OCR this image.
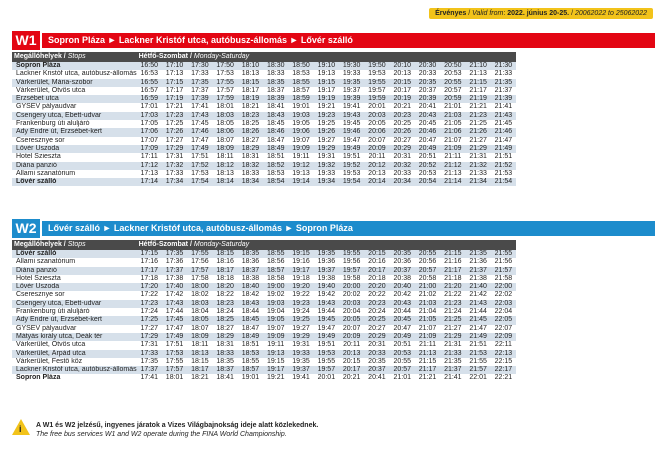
Érvényes / Valid from: 2022. június 20-25. / 20062022 to 25062022
W1	Sopron Pláza ► Lackner Kristóf utca, autóbusz-állomás ► Lővér szálló
Megállóhelyek / Stops	Hétfő-Szombat / Monday-Saturday														
Sopron Pláza	16:50	17:10	17:30	17:50	18:10	18:30	18:50	19:10	19:30	19:50	20:10	20:30	20:50	21:10	21:30
Lackner Kristóf utca, autóbusz-állomás	16:53	17:13	17:33	17:53	18:13	18:33	18:53	19:13	19:33	19:53	20:13	20:33	20:53	21:13	21:33
Várkerület, Mária-szobor	16:55	17:15	17:35	17:55	18:15	18:35	18:55	19:15	19:35	19:55	20:15	20:35	20:55	21:15	21:35
Várkerület, Ötvös utca	16:57	17:17	17:37	17:57	18:17	18:37	18:57	19:17	19:37	19:57	20:17	20:37	20:57	21:17	21:37
Erzsébet utca	16:59	17:19	17:39	17:59	18:19	18:39	18:59	19:19	19:39	19:59	20:19	20:39	20:59	21:19	21:39
GYSEV pályaudvar	17:01	17:21	17:41	18:01	18:21	18:41	19:01	19:21	19:41	20:01	20:21	20:41	21:01	21:21	21:41
Csengery utca, Ebett-udvar	17:03	17:23	17:43	18:03	18:23	18:43	19:03	19:23	19:43	20:03	20:23	20:43	21:03	21:23	21:43
Frankenburg úti aluljáró	17:05	17:25	17:45	18:05	18:25	18:45	19:05	19:25	19:45	20:05	20:25	20:45	21:05	21:25	21:45
Ady Endre út, Erzsébet-kert	17:06	17:26	17:46	18:06	18:26	18:46	19:06	19:26	19:46	20:06	20:26	20:46	21:06	21:26	21:46
Cseresznye sor	17:07	17:27	17:47	18:07	18:27	18:47	19:07	19:27	19:47	20:07	20:27	20:47	21:07	21:27	21:47
Lővér Uszoda	17:09	17:29	17:49	18:09	18:29	18:49	19:09	19:29	19:49	20:09	20:29	20:49	21:09	21:29	21:49
Hotel Sziesztа	17:11	17:31	17:51	18:11	18:31	18:51	19:11	19:31	19:51	20:11	20:31	20:51	21:11	21:31	21:51
Diána panzió	17:12	17:32	17:52	18:12	18:32	18:52	19:12	19:32	19:52	20:12	20:32	20:52	21:12	21:32	21:52
Állami szanatórium	17:13	17:33	17:53	18:13	18:33	18:53	19:13	19:33	19:53	20:13	20:33	20:53	21:13	21:33	21:53
Lővér szálló	17:14	17:34	17:54	18:14	18:34	18:54	19:14	19:34	19:54	20:14	20:34	20:54	21:14	21:34	21:54
W2	Lővér szálló ► Lackner Kristóf utca, autóbusz-állomás ► Sopron Pláza
Megállóhelyek / Stops	Hétfő-Szombat / Monday-Saturday														
Lővér szálló	17:15	17:35	17:55	18:15	18:35	18:55	19:15	19:35	19:55	20:15	20:35	20:55	21:15	21:35	21:55
Állami szanatórium	17:16	17:36	17:56	18:16	18:36	18:56	19:16	19:36	19:56	20:16	20:36	20:56	21:16	21:36	21:56
Diána panzió	17:17	17:37	17:57	18:17	18:37	18:57	19:17	19:37	19:57	20:17	20:37	20:57	21:17	21:37	21:57
Hotel Sziesztа	17:18	17:38	17:58	18:18	18:38	18:58	19:18	19:38	19:58	20:18	20:38	20:58	21:18	21:38	21:58
Lővér Uszoda	17:20	17:40	18:00	18:20	18:40	19:00	19:20	19:40	20:00	20:20	20:40	21:00	21:20	21:40	22:00
Cseresznye sor	17:22	17:42	18:02	18:22	18:42	19:02	19:22	19:42	20:02	20:22	20:42	21:02	21:22	21:42	22:02
Csengery utca, Ebett-udvar	17:23	17:43	18:03	18:23	18:43	19:03	19:23	19:43	20:03	20:23	20:43	21:03	21:23	21:43	22:03
Frankenburg úti aluljáró	17:24	17:44	18:04	18:24	18:44	19:04	19:24	19:44	20:04	20:24	20:44	21:04	21:24	21:44	22:04
Ady Endre út, Erzsébet-kert	17:25	17:45	18:05	18:25	18:45	19:05	19:25	19:45	20:05	20:25	20:45	21:05	21:25	21:45	22:05
GYSEV pályaudvar	17:27	17:47	18:07	18:27	18:47	19:07	19:27	19:47	20:07	20:27	20:47	21:07	21:27	21:47	22:07
Mátyás király utca, Deák tér	17:29	17:49	18:09	18:29	18:49	19:09	19:29	19:49	20:09	20:29	20:49	21:09	21:29	21:49	22:09
Várkerület, Ötvös utca	17:31	17:51	18:11	18:31	18:51	19:11	19:31	19:51	20:11	20:31	20:51	21:11	21:31	21:51	22:11
Várkerület, Árpád utca	17:33	17:53	18:13	18:33	18:53	19:13	19:33	19:53	20:13	20:33	20:53	21:13	21:33	21:53	22:13
Várkerület, Festő köz	17:35	17:55	18:15	18:35	18:55	19:15	19:35	19:55	20:15	20:35	20:55	21:15	21:35	21:55	22:15
Lackner Kristóf utca, autóbusz-állomás	17:37	17:57	18:17	18:37	18:57	19:17	19:37	19:57	20:17	20:37	20:57	21:17	21:37	21:57	22:17
Sopron Pláza	17:41	18:01	18:21	18:41	19:01	19:21	19:41	20:01	20:21	20:41	21:01	21:21	21:41	22:01	22:21
i A W1 és W2 jelzésű, ingyenes járatok a Vizes Világbajnokság ideje alatt közlekednek.
The free bus services W1 and W2 operate during the FINA World Championship.
